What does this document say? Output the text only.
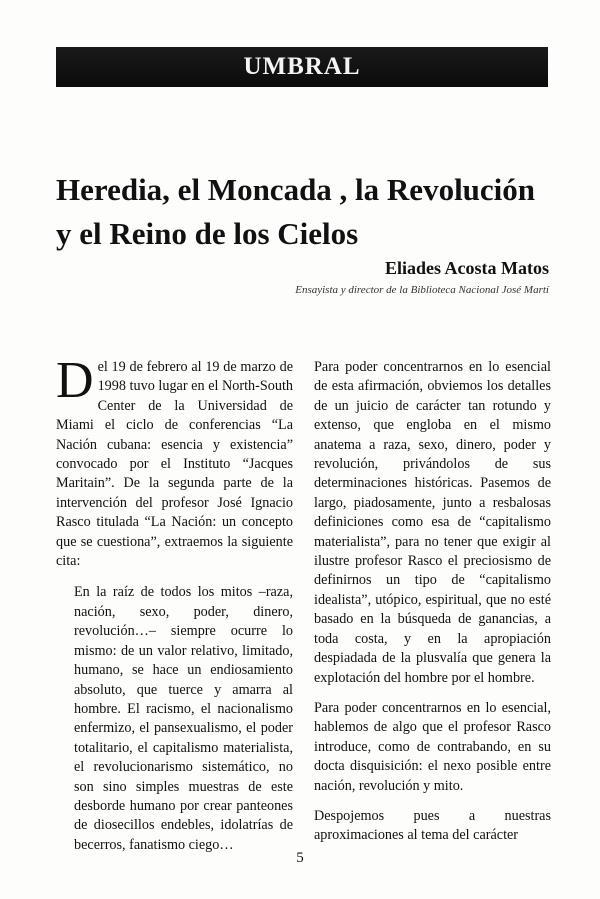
UMBRAL
Heredia, el Moncada , la Revolución y el Reino de los Cielos
Eliades Acosta Matos
Ensayista y director de la Biblioteca Nacional José Martí

Del 19 de febrero al 19 de marzo de 1998 tuvo lugar en el North-South Center de la Universidad de Miami el ciclo de conferencias “La Nación cubana: esencia y existencia” convocado por el Instituto “Jacques Maritain”. De la segunda parte de la intervención del profesor José Ignacio Rasco titulada “La Nación: un concepto que se cuestiona”, extraemos la siguiente cita:

En la raíz de todos los mitos –raza, nación, sexo, poder, dinero, revolución…– siempre ocurre lo mismo: de un valor relativo, limitado, humano, se hace un endiosamiento absoluto, que tuerce y amarra al hombre. El racismo, el nacionalismo enfermizo, el pansexualismo, el poder totalitario, el capitalismo materialista, el revolucionarismo sistemático, no son sino simples muestras de este desborde humano por crear panteones de diosecillos endebles, idolatrías de becerros, fanatismo ciego…

Para poder concentrarnos en lo esencial de esta afirmación, obviemos los detalles de un juicio de carácter tan rotundo y extenso, que engloba en el mismo anatema a raza, sexo, dinero, poder y revolución, privándolos de sus determinaciones históricas. Pasemos de largo, piadosamente, junto a resbalosas definiciones como esa de “capitalismo materialista”, para no tener que exigir al ilustre profesor Rasco el preciosismo de definirnos un tipo de “capitalismo idealista”, utópico, espiritual, que no esté basado en la búsqueda de ganancias, a toda costa, y en la apropiación despiadada de la plusvalía que genera la explotación del hombre por el hombre.

Para poder concentrarnos en lo esencial, hablemos de algo que el profesor Rasco introduce, como de contrabando, en su docta disquisición: el nexo posible entre nación, revolución y mito.

Despojemos pues a nuestras aproximaciones al tema del carácter

5
